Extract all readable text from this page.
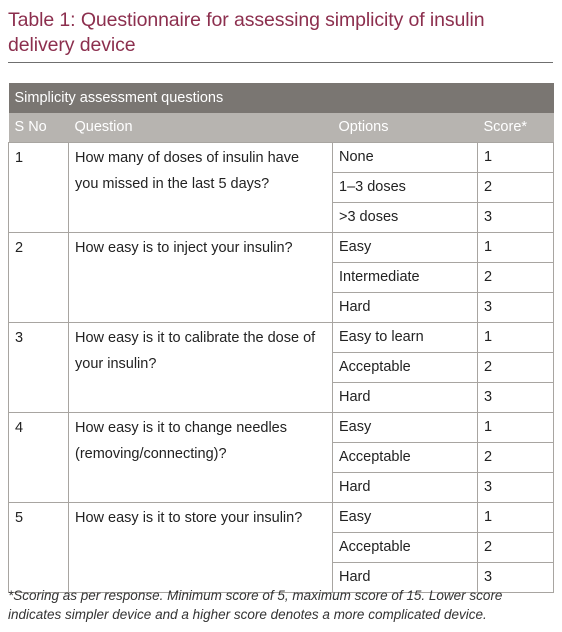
Table 1: Questionnaire for assessing simplicity of insulin delivery device
Simplicity assessment questions			
S No	Question	Options	Score*
1	How many of doses of insulin have you missed in the last 5 days?	None	1
		1–3 doses	2
		>3 doses	3
2	How easy is to inject your insulin?	Easy	1
		Intermediate	2
		Hard	3
3	How easy is it to calibrate the dose of your insulin?	Easy to learn	1
		Acceptable	2
		Hard	3
4	How easy is it to change needles (removing/connecting)?	Easy	1
		Acceptable	2
		Hard	3
5	How easy is it to store your insulin?	Easy	1
		Acceptable	2
		Hard	3
*Scoring as per response. Minimum score of 5, maximum score of 15. Lower score indicates simpler device and a higher score denotes a more complicated device.
